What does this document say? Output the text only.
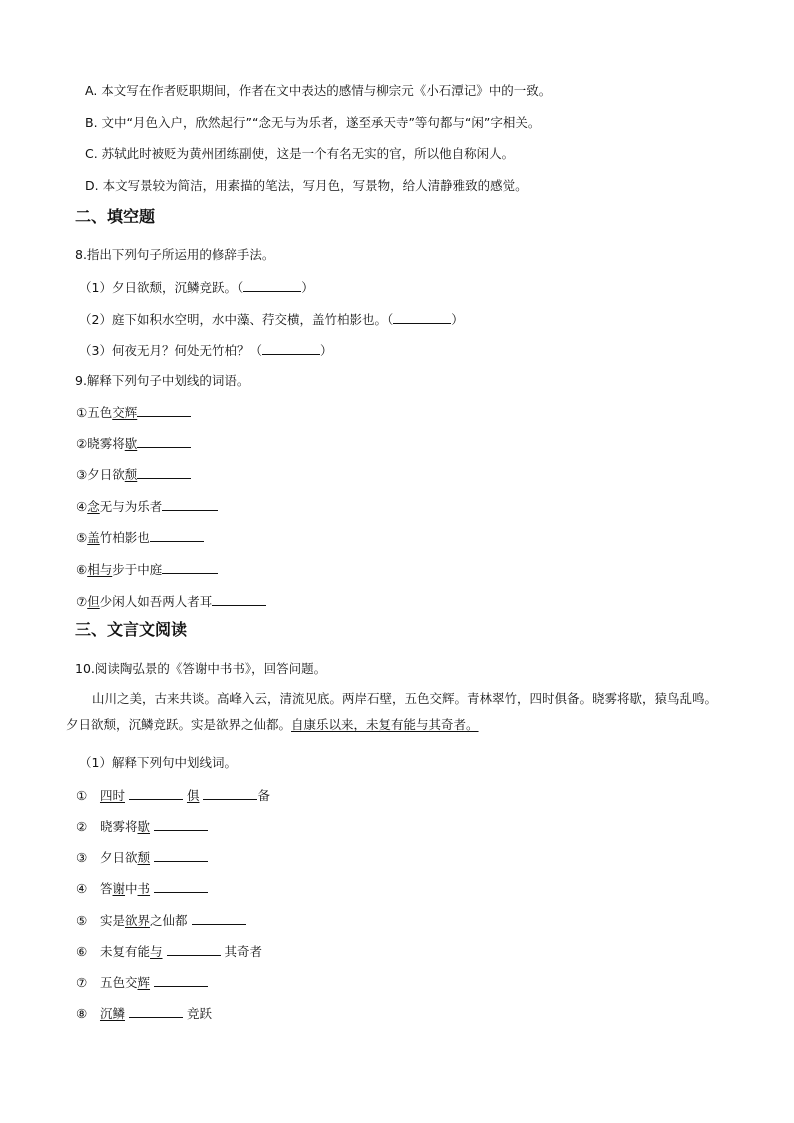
A. 本文写在作者贬职期间，作者在文中表达的感情与柳宗元《小石潭记》中的一致。
B. 文中“月色入户，欣然起行”“念无与为乐者，遂至承天寺”等句都与“闲”字相关。
C. 苏轼此时被贬为黄州团练副使，这是一个有名无实的官，所以他自称闲人。
D. 本文写景较为简洁，用素描的笔法，写月色，写景物，给人清静雅致的感觉。
二、填空题
8.指出下列句子所运用的修辞手法。
（1）夕日欲颓，沉鳞竞跃。（	）
（2）庭下如积水空明，水中藻、荇交横，盖竹柏影也。（	）
（3）何夜无月？何处无竹柏？（	）
9.解释下列句子中划线的词语。
①五色交辉
②晓雾将歇
③夕日欲颓
④念无与为乐者
⑤盖竹柏影也
⑥相与步于中庭
⑦但少闲人如吾两人者耳
三、文言文阅读
10.阅读陶弘景的《答谢中书书》，回答问题。
山川之美，古来共谈。高峰入云，清流见底。两岸石壁，五色交辉。青林翠竹，四时俱备。晓雾将歇，猿鸟乱鸣。夕日欲颓，沉鳞竞跃。实是欲界之仙都。自康乐以来，未复有能与其奇者。
（1）解释下列句中划线词。
① 四时	俱	备
② 晓雾将歇
③ 夕日欲颓
④ 答谢中书
⑤ 实是欲界之仙都
⑥ 未复有能与	其奇者
⑦ 五色交辉
⑧ 沉鳞	竞跃
